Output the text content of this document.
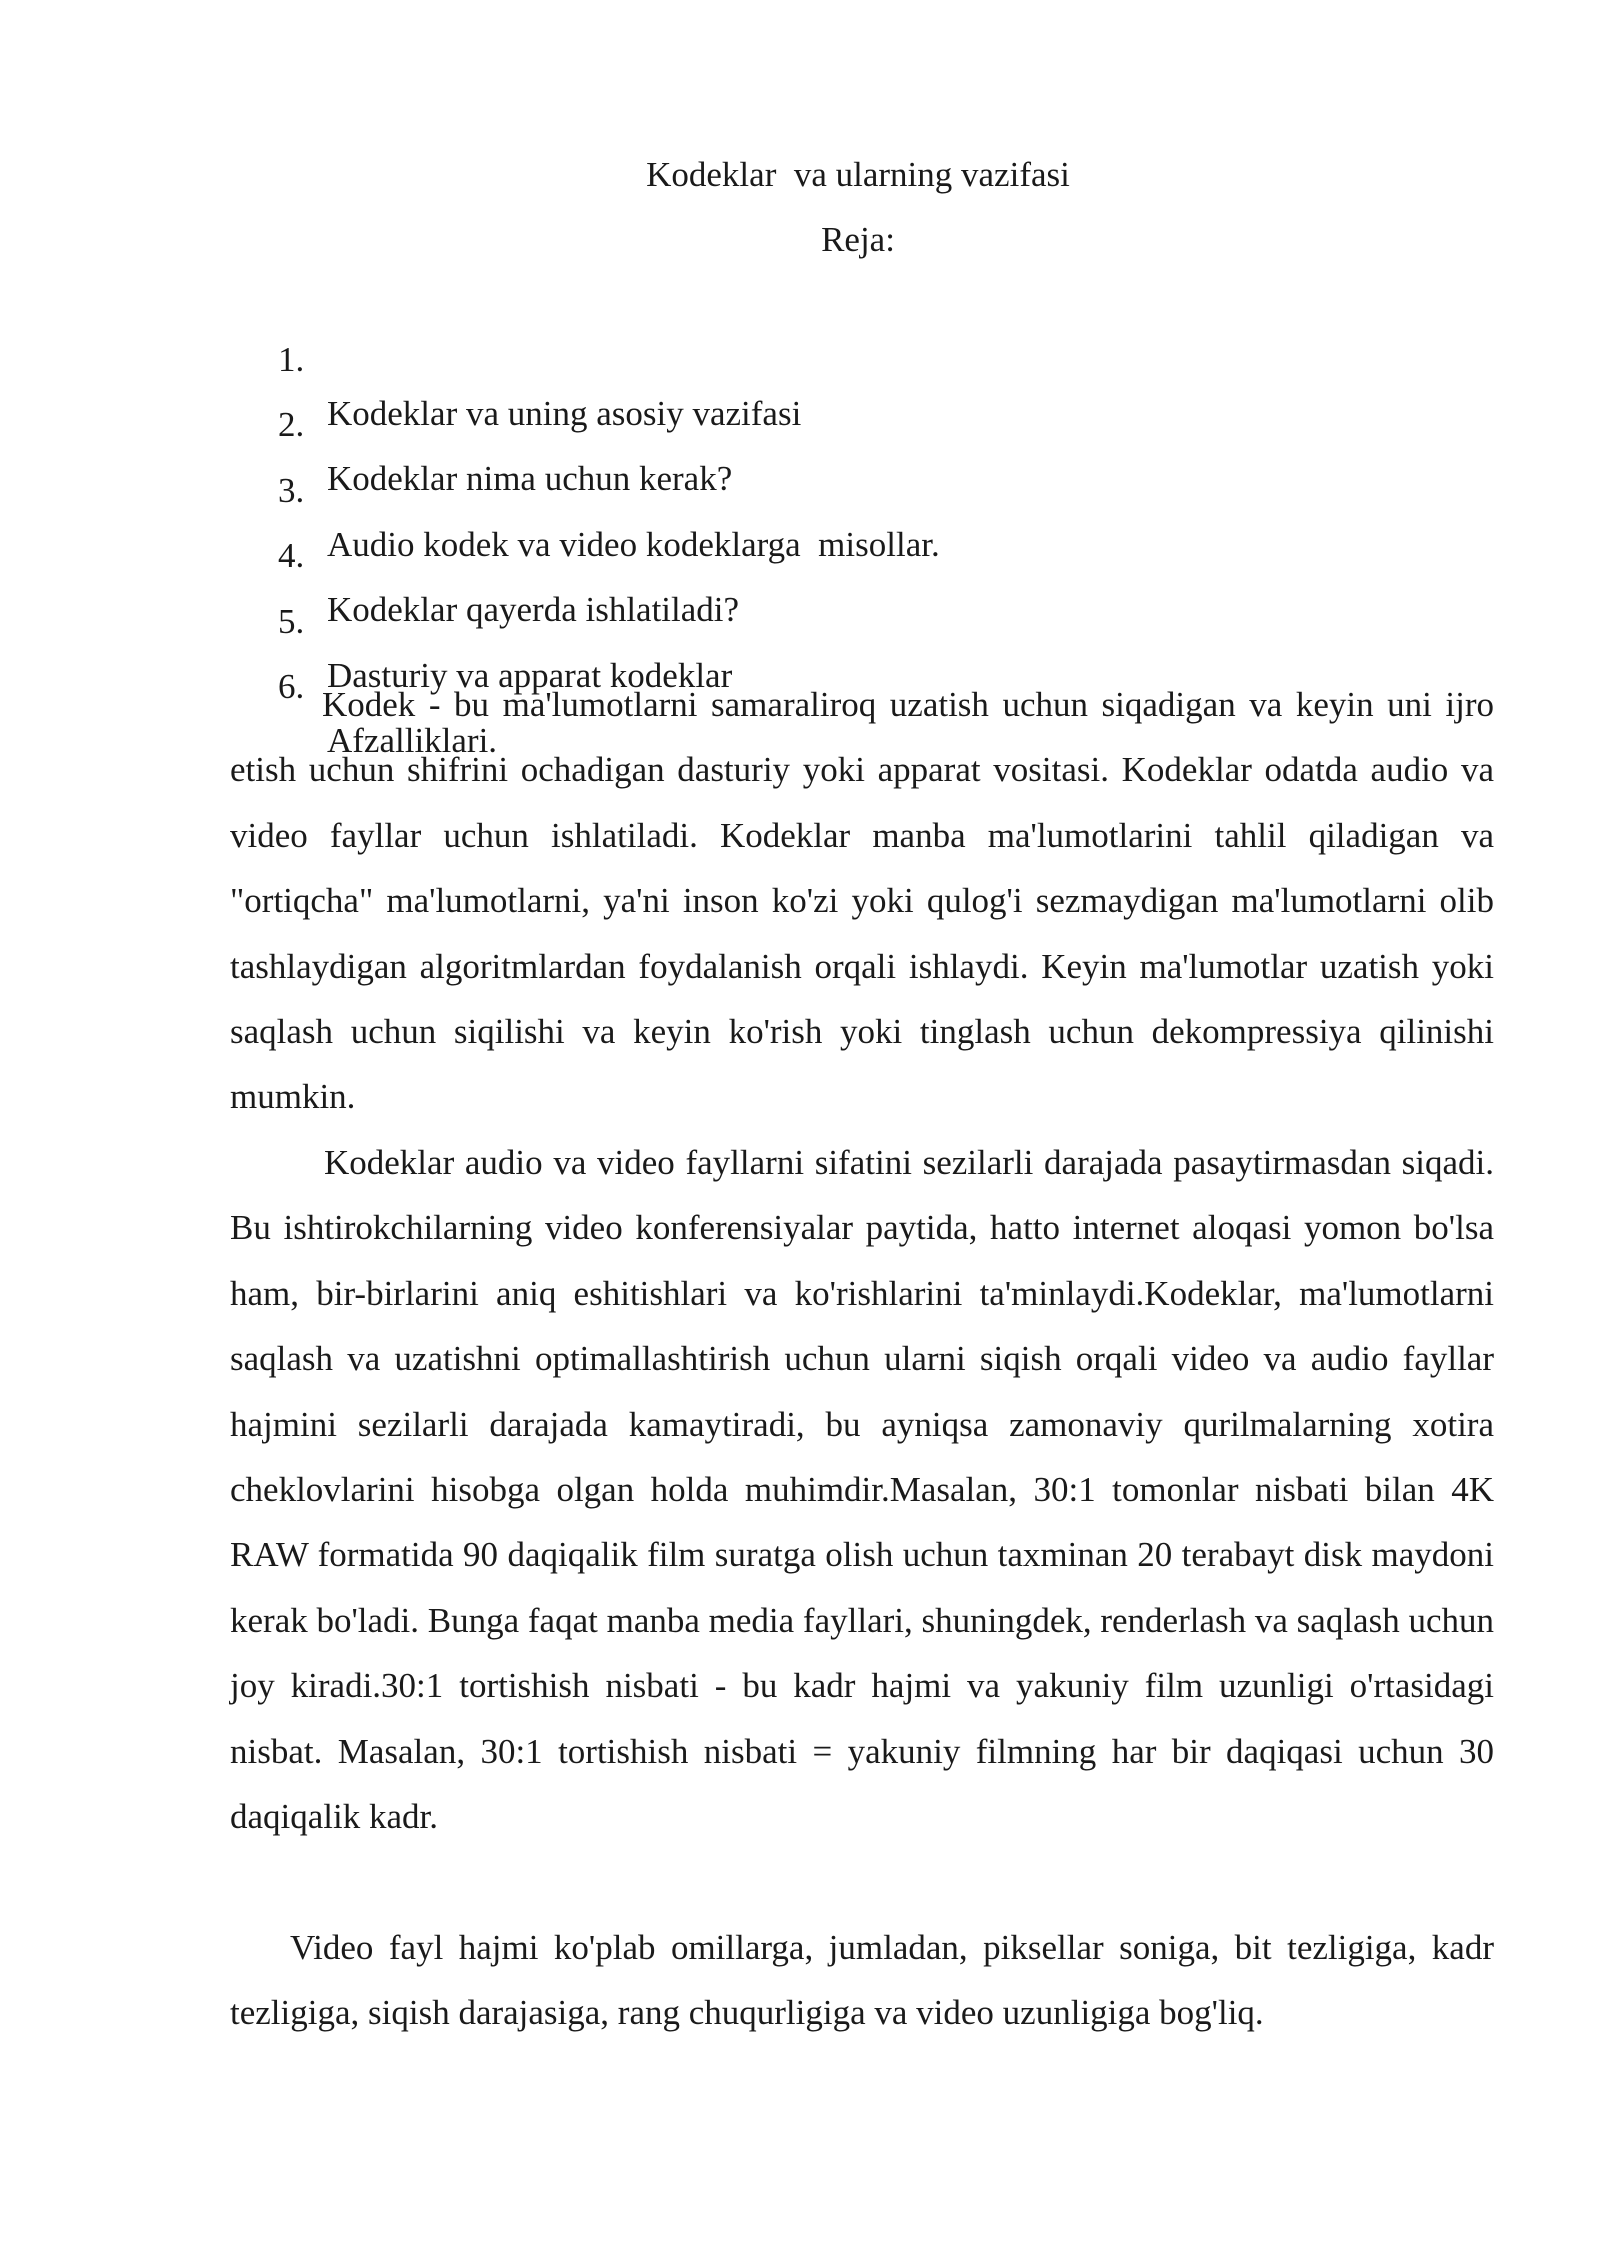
Kodeklar  va ularning vazifasi
Reja:

1.

Kodeklar va uning asosiy vazifasi

2.

Kodeklar nima uchun kerak?

3.

Audio kodek va video kodeklarga  misollar.

4.

Kodeklar qayerda ishlatiladi?

5.

Dasturiy va apparat kodeklar

6.

Afzalliklari.

Kodek - bu ma'lumotlarni samaraliroq uzatish uchun siqadigan va keyin uni ijro etish uchun shifrini ochadigan dasturiy yoki apparat vositasi. Kodeklar odatda audio va video fayllar uchun ishlatiladi. Kodeklar manba ma'lumotlarini tahlil qiladigan va "ortiqcha" ma'lumotlarni, ya'ni inson ko'zi yoki qulog'i sezmaydigan ma'lumotlarni olib tashlaydigan algoritmlardan foydalanish orqali ishlaydi. Keyin ma'lumotlar uzatish yoki saqlash uchun siqilishi va keyin ko'rish yoki tinglash uchun dekompressiya qilinishi mumkin.

Kodeklar audio va video fayllarni sifatini sezilarli darajada pasaytirmasdan siqadi. Bu ishtirokchilarning video konferensiyalar paytida, hatto internet aloqasi yomon bo'lsa ham, bir-birlarini aniq eshitishlari va ko'rishlarini ta'minlaydi.Kodeklar, ma'lumotlarni saqlash va uzatishni optimallashtirish uchun ularni siqish orqali video va audio fayllar hajmini sezilarli darajada kamaytiradi, bu ayniqsa zamonaviy qurilmalarning xotira cheklovlarini hisobga olgan holda muhimdir.Masalan, 30:1 tomonlar nisbati bilan 4K RAW formatida 90 daqiqalik film suratga olish uchun taxminan 20 terabayt disk maydoni kerak bo'ladi. Bunga faqat manba media fayllari, shuningdek, renderlash va saqlash uchun joy kiradi.30:1 tortishish nisbati - bu kadr hajmi va yakuniy film uzunligi o'rtasidagi nisbat. Masalan, 30:1 tortishish nisbati = yakuniy filmning har bir daqiqasi uchun 30 daqiqalik kadr.

Video fayl hajmi ko'plab omillarga, jumladan, piksellar soniga, bit tezligiga, kadr tezligiga, siqish darajasiga, rang chuqurligiga va video uzunligiga bog'liq.
